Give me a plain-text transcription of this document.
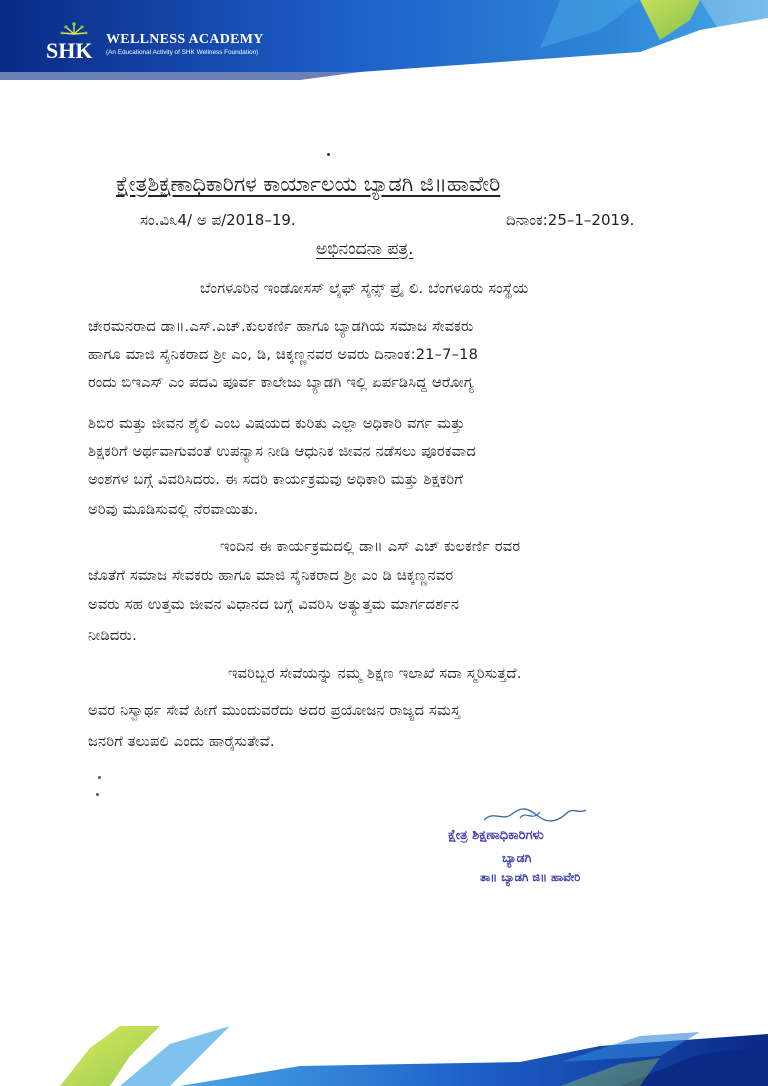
SHK WELLNESS ACADEMY
(An Educational Activity of SHK Wellness Foundation)
ಕ್ಷೇತ್ರಶಿಕ್ಷಣಾಧಿಕಾರಿಗಳ ಕಾರ್ಯಾಲಯ ಬ್ಯಾಡಗಿ ಜಿ॥ಹಾವೇರಿ
ಸಂ.ವಿ೩4/ ಅ ಪ/2018–19.	ದಿನಾಂಕ:25–1–2019.
ಅಭಿನಂದನಾ ಪತ್ರ.
ಬೆಂಗಳೂರಿನ ಇಂಡೋಸಸ್ ಲೈಫ್ ಸೈನ್ಸ್ ಪ್ರೈ ಲಿ. ಬೆಂಗಳೂರು ಸಂಸ್ಥೆಯ
ಚೇರಮನರಾದ ಡಾ॥.ಎಸ್.ಎಚ್.ಕುಲಕರ್ಣಿ ಹಾಗೂ ಬ್ಯಾಡಗಿಯ ಸಮಾಜ ಸೇವಕರು
ಹಾಗೂ ಮಾಜಿ ಸೈನಿಕರಾದ ಶ್ರೀ ಎಂ, ಡಿ, ಚಿಕ್ಕಣ್ಣನವರ ಅವರು ದಿನಾಂಕ:21–7–18
ರಂದು ಬಿಇಎಸ್ ಎಂ ಪದವಿ ಪೂರ್ವ ಕಾಲೇಜು ಬ್ಯಾಡಗಿ ಇಲ್ಲಿ ಏರ್ಪಡಿಸಿದ್ದ ಆರೋಗ್ಯ
ಶಿಬಿರ ಮತ್ತು ಜೀವನ ಶೈಲಿ ಎಂಬ ವಿಷಯದ ಕುರಿತು ಎಲ್ಲಾ ಅಧಿಕಾರಿ ವರ್ಗ ಮತ್ತು
ಶಿಕ್ಷಕರಿಗೆ ಅರ್ಥವಾಗುವಂತೆ ಉಪನ್ಯಾಸ ನೀಡಿ ಆಧುನಿಕ ಜೀವನ ನಡೆಸಲು ಪೂರಕವಾದ
ಅಂಶಗಳ ಬಗ್ಗೆ ವಿವರಿಸಿದರು. ಈ ಸದರಿ ಕಾರ್ಯಕ್ರಮವು ಅಧಿಕಾರಿ ಮತ್ತು ಶಿಕ್ಷಕರಿಗೆ
ಅರಿವು ಮೂಡಿಸುವಲ್ಲಿ ನೆರವಾಯಿತು.
ಇಂದಿನ ಈ ಕಾರ್ಯಕ್ರಮದಲ್ಲಿ ಡಾ॥ ಎಸ್ ಎಚ್ ಕುಲಕರ್ಣಿ ರವರ
ಜೊತೆಗೆ ಸಮಾಜ ಸೇವಕರು ಹಾಗೂ ಮಾಜಿ ಸೈನಿಕರಾದ ಶ್ರೀ ಎಂ ಡಿ ಚಿಕ್ಕಣ್ಣನವರ
ಅವರು ಸಹ ಉತ್ತಮ ಜೀವನ ವಿಧಾನದ ಬಗ್ಗೆ ವಿವರಿಸಿ ಅತ್ಯುತ್ತಮ ಮಾರ್ಗದರ್ಶನ
ನೀಡಿದರು.
ಇವರಿಬ್ಬರ ಸೇವೆಯನ್ನು ನಮ್ಮ ಶಿಕ್ಷಣ ಇಲಾಖೆ ಸದಾ ಸ್ಮರಿಸುತ್ತದೆ.
ಅವರ ನಿಸ್ವಾರ್ಥ ಸೇವೆ ಹೀಗೆ ಮುಂದುವರೆದು ಅದರ ಪ್ರಯೋಜನ ರಾಜ್ಯದ ಸಮಸ್ತ
ಜನರಿಗೆ ತಲುಪಲಿ ಎಂದು ಹಾರೈಸುತೇವೆ.
ಕ್ಷೇತ್ರ ಶಿಕ್ಷಣಾಧಿಕಾರಿಗಳು
ಬ್ಯಾಡಗಿ
ತಾ॥ ಬ್ಯಾಡಗಿ ಜಿ॥ ಹಾವೇರಿ
